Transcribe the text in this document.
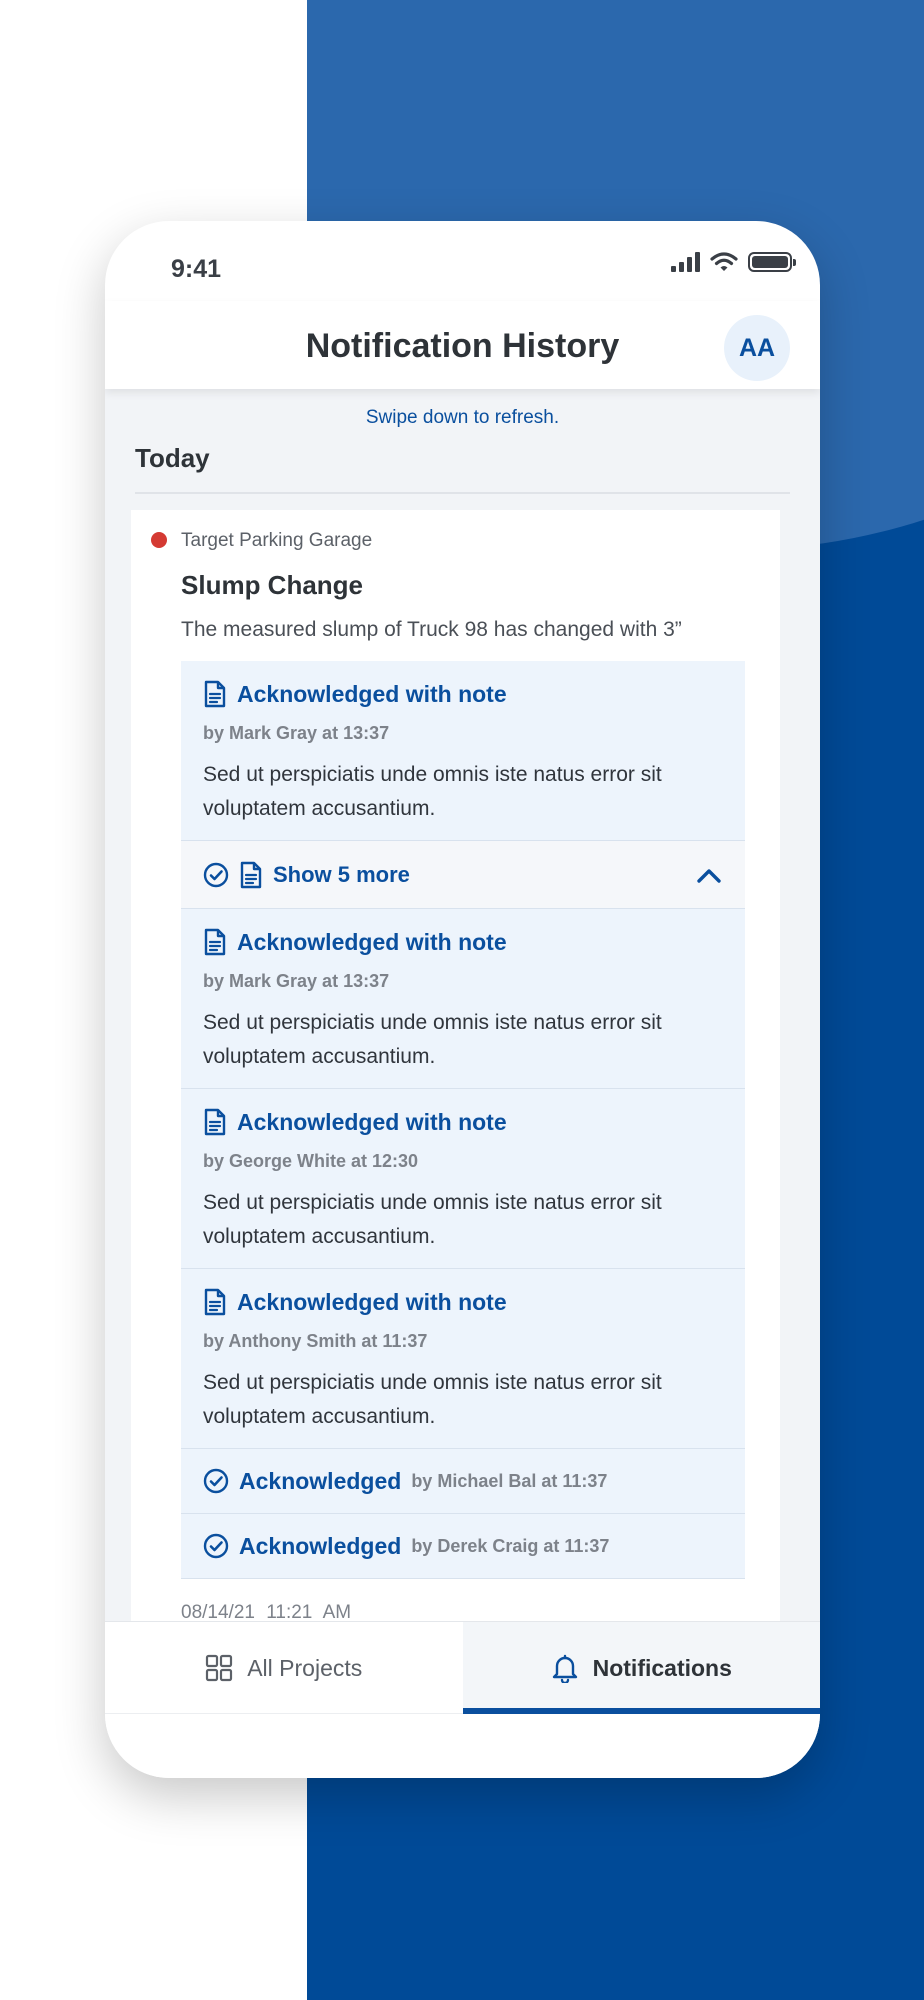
9:41
Notification History	AA
Swipe down to refresh.
Today
Target Parking Garage
Slump Change
The measured slump of Truck 98 has changed with 3”
Acknowledged with note
by Mark Gray at 13:37
Sed ut perspiciatis unde omnis iste natus error sit voluptatem accusantium.
Show 5 more
Acknowledged with note
by Mark Gray at 13:37
Sed ut perspiciatis unde omnis iste natus error sit voluptatem accusantium.
Acknowledged with note
by George White at 12:30
Sed ut perspiciatis unde omnis iste natus error sit voluptatem accusantium.
Acknowledged with note
by Anthony Smith at 11:37
Sed ut perspiciatis unde omnis iste natus error sit voluptatem accusantium.
Acknowledged by Michael Bal at 11:37
Acknowledged by Derek Craig at 11:37
08/14/21 11:21 AM
All Projects	Notifications
